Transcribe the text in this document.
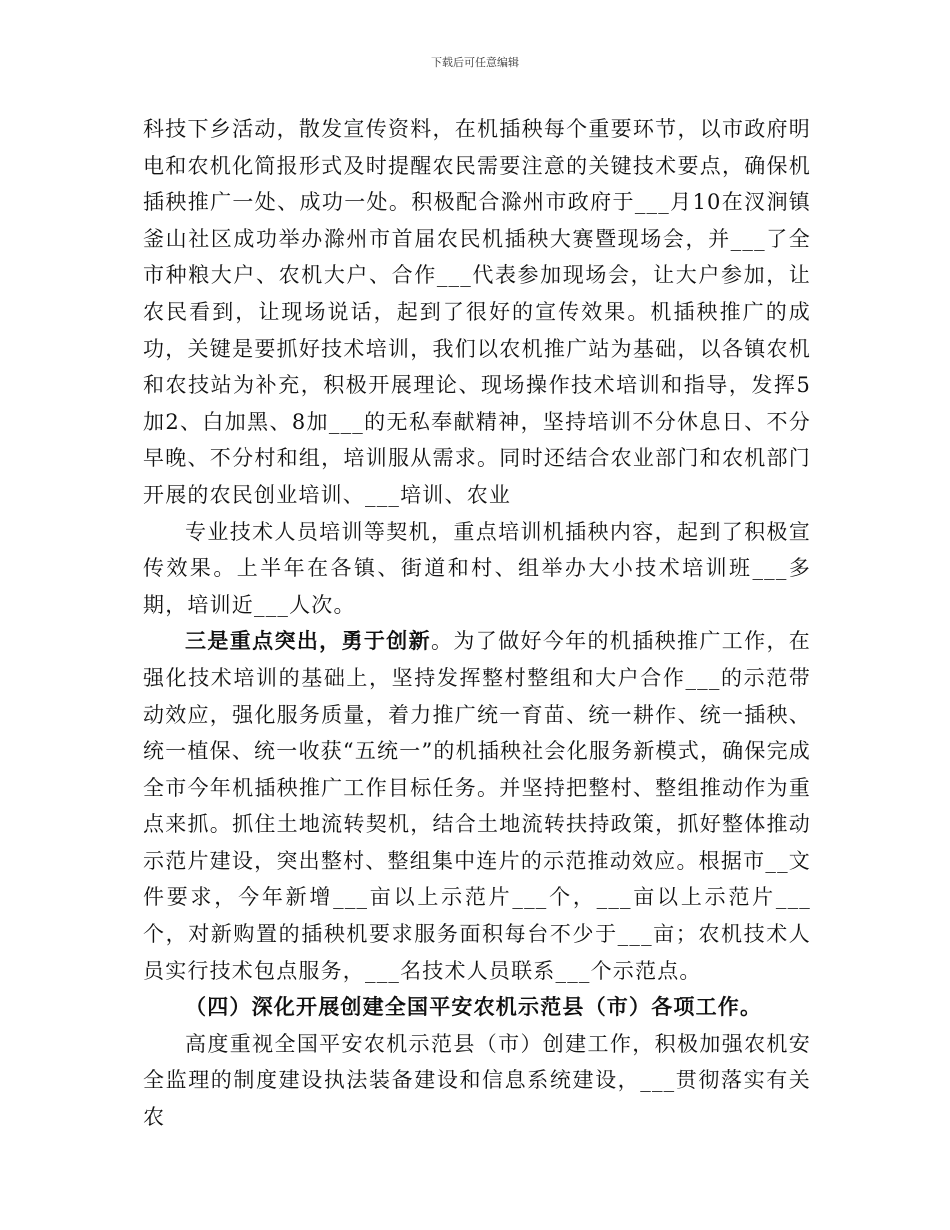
下载后可任意编辑

科技下乡活动，散发宣传资料，在机插秧每个重要环节，以市政府明电和农机化简报形式及时提醒农民需要注意的关键技术要点，确保机插秧推广一处、成功一处。积极配合滁州市政府于___月10在汊涧镇釜山社区成功举办滁州市首届农民机插秧大赛暨现场会，并___了全市种粮大户、农机大户、合作___代表参加现场会，让大户参加，让农民看到，让现场说话，起到了很好的宣传效果。机插秧推广的成功，关键是要抓好技术培训，我们以农机推广站为基础，以各镇农机和农技站为补充，积极开展理论、现场操作技术培训和指导，发挥5加2、白加黑、8加___的无私奉献精神，坚持培训不分休息日、不分早晚、不分村和组，培训服从需求。同时还结合农业部门和农机部门开展的农民创业培训、___培训、农业

专业技术人员培训等契机，重点培训机插秧内容，起到了积极宣传效果。上半年在各镇、街道和村、组举办大小技术培训班___多期，培训近___人次。

三是重点突出，勇于创新。为了做好今年的机插秧推广工作，在强化技术培训的基础上，坚持发挥整村整组和大户合作___的示范带动效应，强化服务质量，着力推广统一育苗、统一耕作、统一插秧、统一植保、统一收获“五统一”的机插秧社会化服务新模式，确保完成全市今年机插秧推广工作目标任务。并坚持把整村、整组推动作为重点来抓。抓住土地流转契机，结合土地流转扶持政策，抓好整体推动示范片建设，突出整村、整组集中连片的示范推动效应。根据市__文件要求，今年新增___亩以上示范片___个，___亩以上示范片___个，对新购置的插秧机要求服务面积每台不少于___亩；农机技术人员实行技术包点服务，___名技术人员联系___个示范点。

（四）深化开展创建全国平安农机示范县（市）各项工作。

高度重视全国平安农机示范县（市）创建工作，积极加强农机安全监理的制度建设执法装备建设和信息系统建设，___贯彻落实有关农
